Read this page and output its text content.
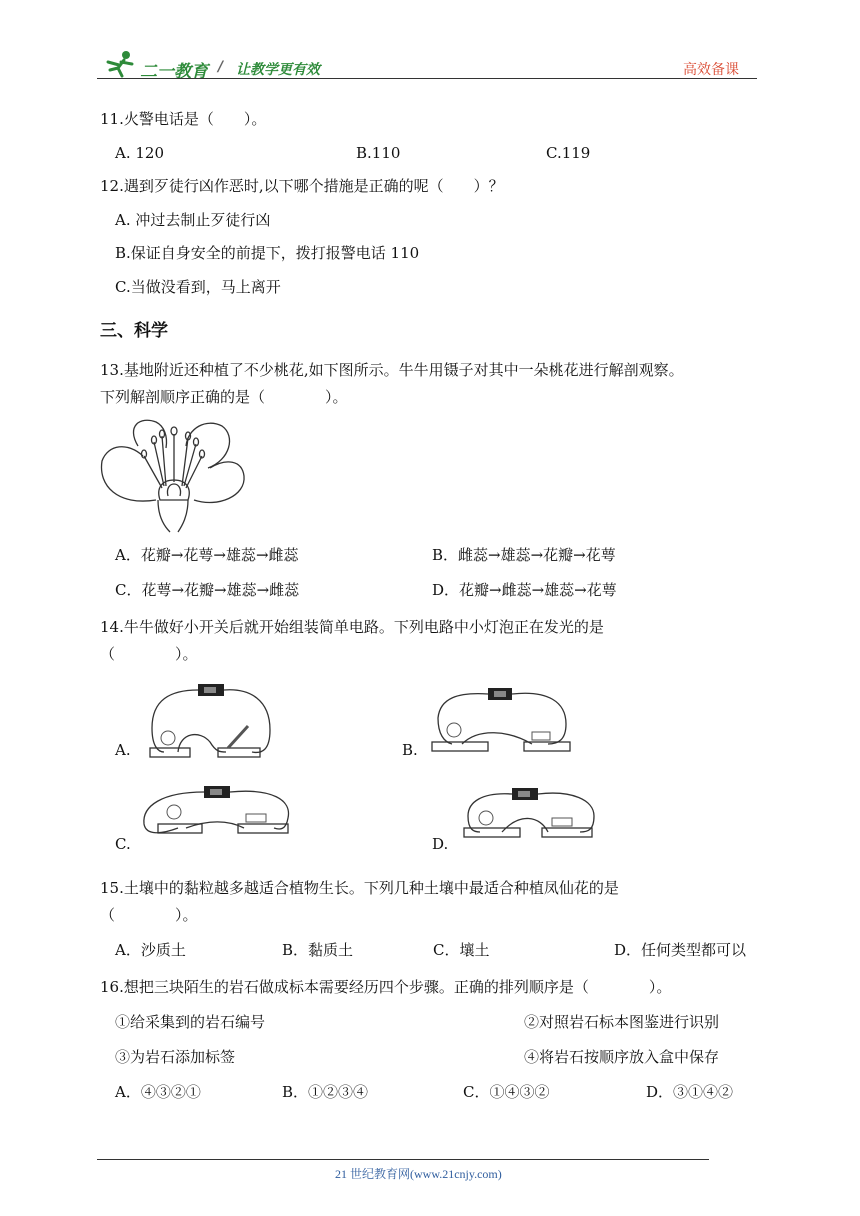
二一教育 / 让教学更有效	高效备课
11.火警电话是（　　）。
A. 120	B.110	C.119
12.遇到歹徒行凶作恶时,以下哪个措施是正确的呢（　　）？
A. 冲过去制止歹徒行凶
B.保证自身安全的前提下，拨打报警电话 110
C.当做没看到，马上离开
三、科学
13.基地附近还种植了不少桃花,如下图所示。牛牛用镊子对其中一朵桃花进行解剖观察。
下列解剖顺序正确的是（　　　　）。
A．花瓣→花萼→雄蕊→雌蕊	B．雌蕊→雄蕊→花瓣→花萼
C．花萼→花瓣→雄蕊→雌蕊	D．花瓣→雌蕊→雄蕊→花萼
14.牛牛做好小开关后就开始组装简单电路。下列电路中小灯泡正在发光的是
（　　　　）。
A.	B.
C.	D.
15.土壤中的黏粒越多越适合植物生长。下列几种土壤中最适合种植凤仙花的是
（　　　　）。
A．沙质土	B．黏质土	C．壤土	D．任何类型都可以
16.想把三块陌生的岩石做成标本需要经历四个步骤。正确的排列顺序是（　　　　）。
①给采集到的岩石编号	②对照岩石标本图鉴进行识别
③为岩石添加标签	④将岩石按顺序放入盒中保存
A．④③②①	B．①②③④	C．①④③②	D．③①④②
21 世纪教育网(www.21cnjy.com)
